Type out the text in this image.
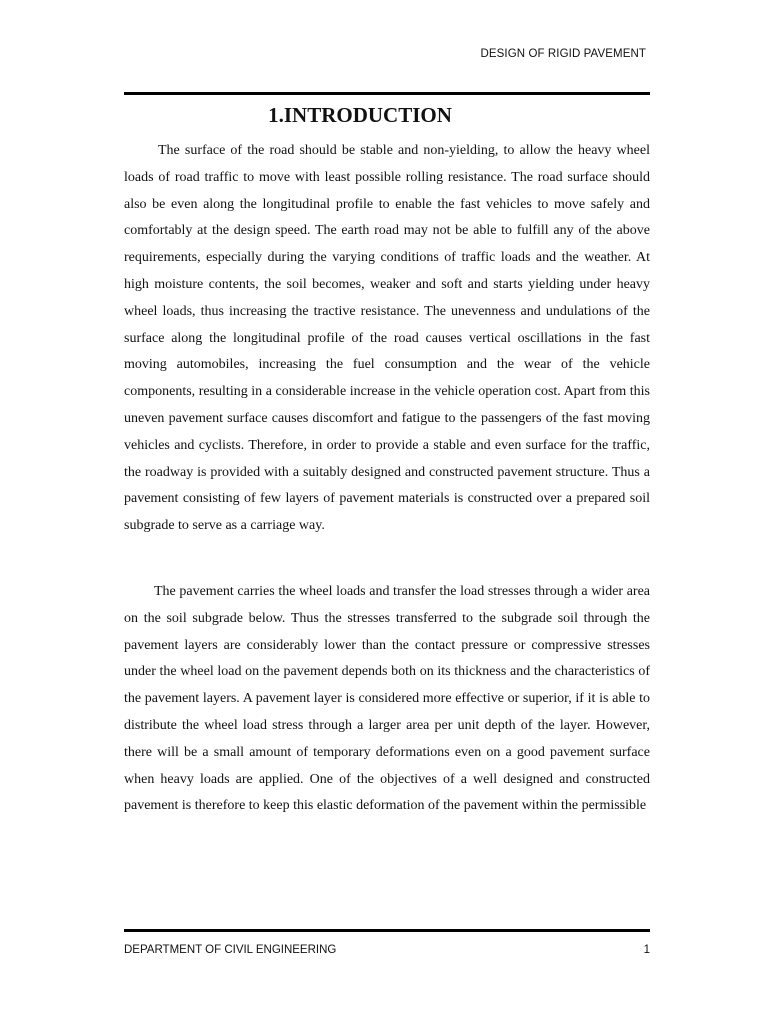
DESIGN OF RIGID PAVEMENT
1.INTRODUCTION

The surface of the road should be stable and non-yielding, to allow the heavy wheel loads of road traffic to move with least possible rolling resistance. The road surface should also be even along the longitudinal profile to enable the fast vehicles to move safely and comfortably at the design speed. The earth road may not be able to fulfill any of the above requirements, especially during the varying conditions of traffic loads and the weather. At high moisture contents, the soil becomes, weaker and soft and starts yielding under heavy wheel loads, thus increasing the tractive resistance. The unevenness and undulations of the surface along the longitudinal profile of the road causes vertical oscillations in the fast moving automobiles, increasing the fuel consumption and the wear of the vehicle components, resulting in a considerable increase in the vehicle operation cost. Apart from this uneven pavement surface causes discomfort and fatigue to the passengers of the fast moving vehicles and cyclists. Therefore, in order to provide a stable and even surface for the traffic, the roadway is provided with a suitably designed and constructed pavement structure. Thus a pavement consisting of few layers of pavement materials is constructed over a prepared soil subgrade to serve as a carriage way.

The pavement carries the wheel loads and transfer the load stresses through a wider area on the soil subgrade below. Thus the stresses transferred to the subgrade soil through the pavement layers are considerably lower than the contact pressure or compressive stresses under the wheel load on the pavement depends both on its thickness and the characteristics of the pavement layers. A pavement layer is considered more effective or superior, if it is able to distribute the wheel load stress through a larger area per unit depth of the layer. However, there will be a small amount of temporary deformations even on a good pavement surface when heavy loads are applied. One of the objectives of a well designed and constructed pavement is therefore to keep this elastic deformation of the pavement within the permissible

DEPARTMENT OF CIVIL ENGINEERING	1
